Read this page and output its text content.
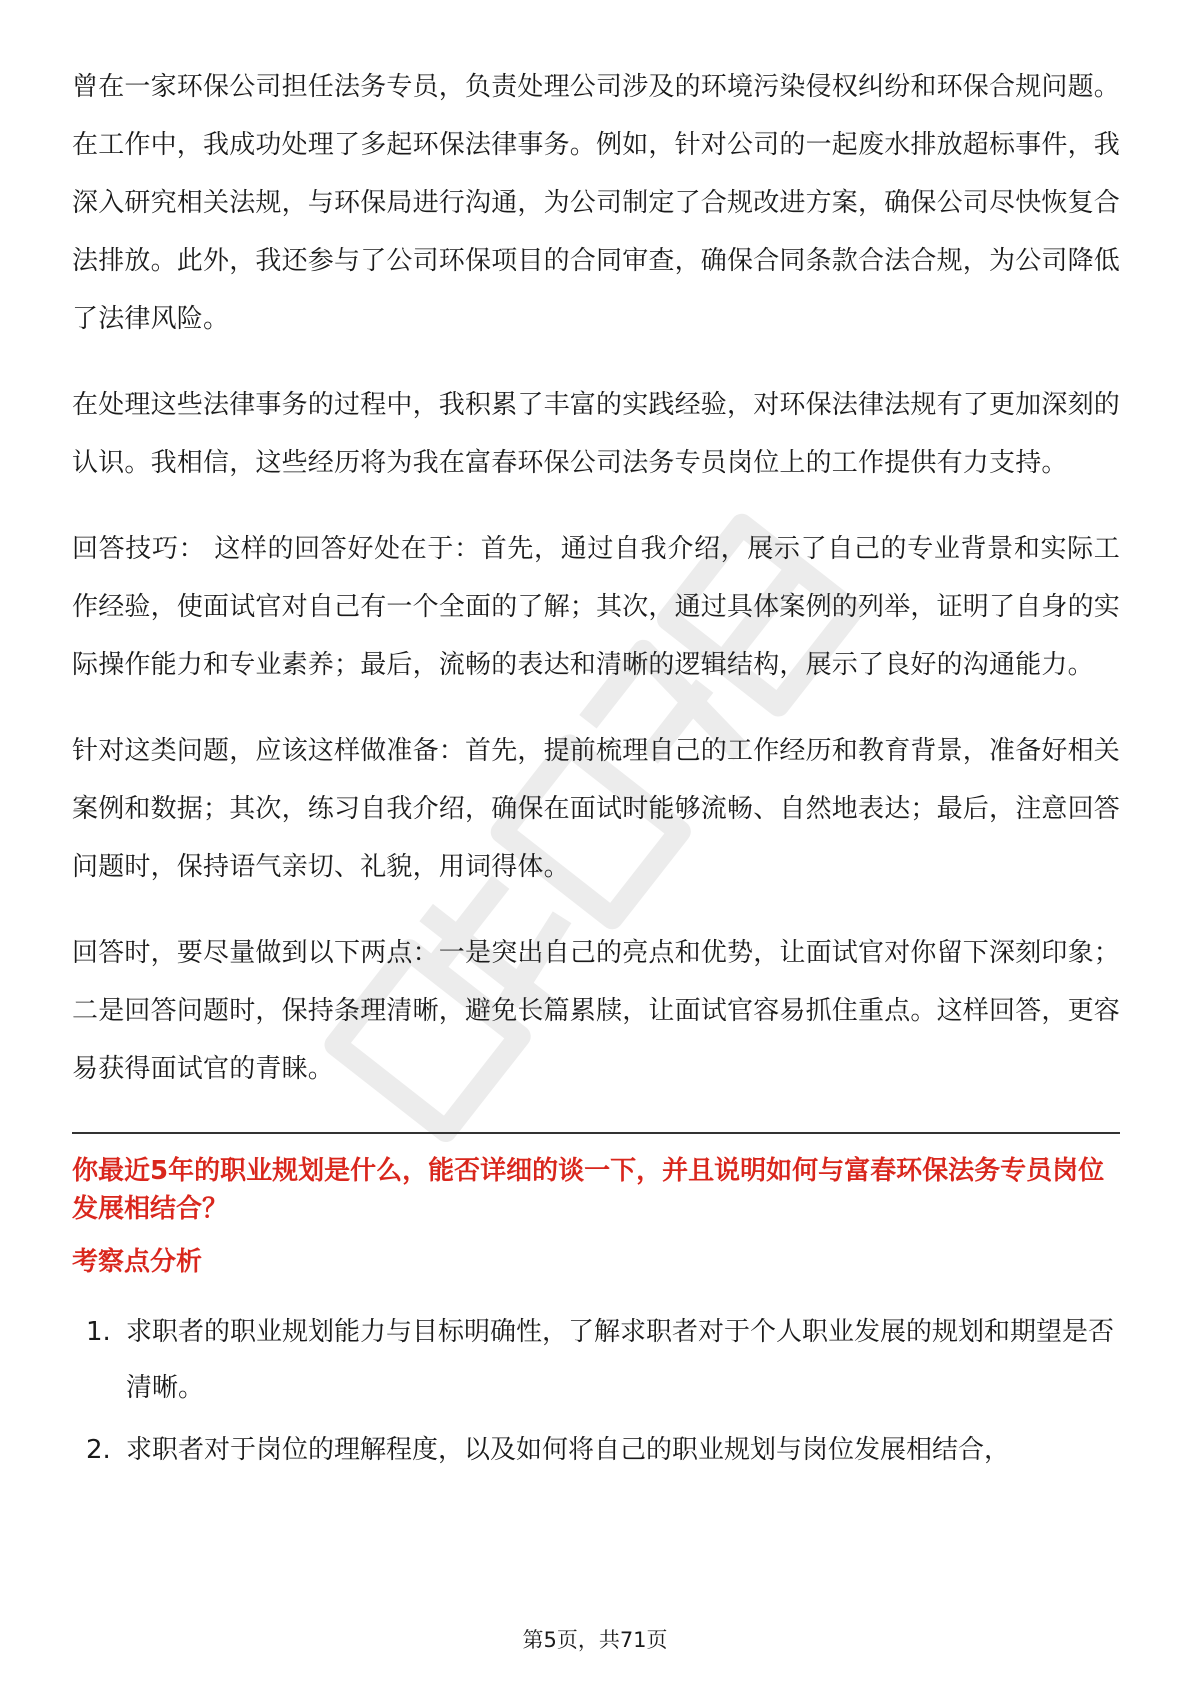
曾在一家环保公司担任法务专员，负责处理公司涉及的环境污染侵权纠纷和环保合规问题。在工作中，我成功处理了多起环保法律事务。例如，针对公司的一起废水排放超标事件，我深入研究相关法规，与环保局进行沟通，为公司制定了合规改进方案，确保公司尽快恢复合法排放。此外，我还参与了公司环保项目的合同审查，确保合同条款合法合规，为公司降低了法律风险。

在处理这些法律事务的过程中，我积累了丰富的实践经验，对环保法律法规有了更加深刻的认识。我相信，这些经历将为我在富春环保公司法务专员岗位上的工作提供有力支持。

回答技巧： 这样的回答好处在于：首先，通过自我介绍，展示了自己的专业背景和实际工作经验，使面试官对自己有一个全面的了解；其次，通过具体案例的列举，证明了自身的实际操作能力和专业素养；最后，流畅的表达和清晰的逻辑结构，展示了良好的沟通能力。

针对这类问题，应该这样做准备：首先，提前梳理自己的工作经历和教育背景，准备好相关案例和数据；其次，练习自我介绍，确保在面试时能够流畅、自然地表达；最后，注意回答问题时，保持语气亲切、礼貌，用词得体。

回答时，要尽量做到以下两点：一是突出自己的亮点和优势，让面试官对你留下深刻印象；二是回答问题时，保持条理清晰，避免长篇累牍，让面试官容易抓住重点。这样回答，更容易获得面试官的青睐。

你最近5年的职业规划是什么，能否详细的谈一下，并且说明如何与富春环保法务专员岗位发展相结合？
考察点分析
1. 求职者的职业规划能力与目标明确性，了解求职者对于个人职业发展的规划和期望是否清晰。
2. 求职者对于岗位的理解程度，以及如何将自己的职业规划与岗位发展相结合，
第5页，共71页
